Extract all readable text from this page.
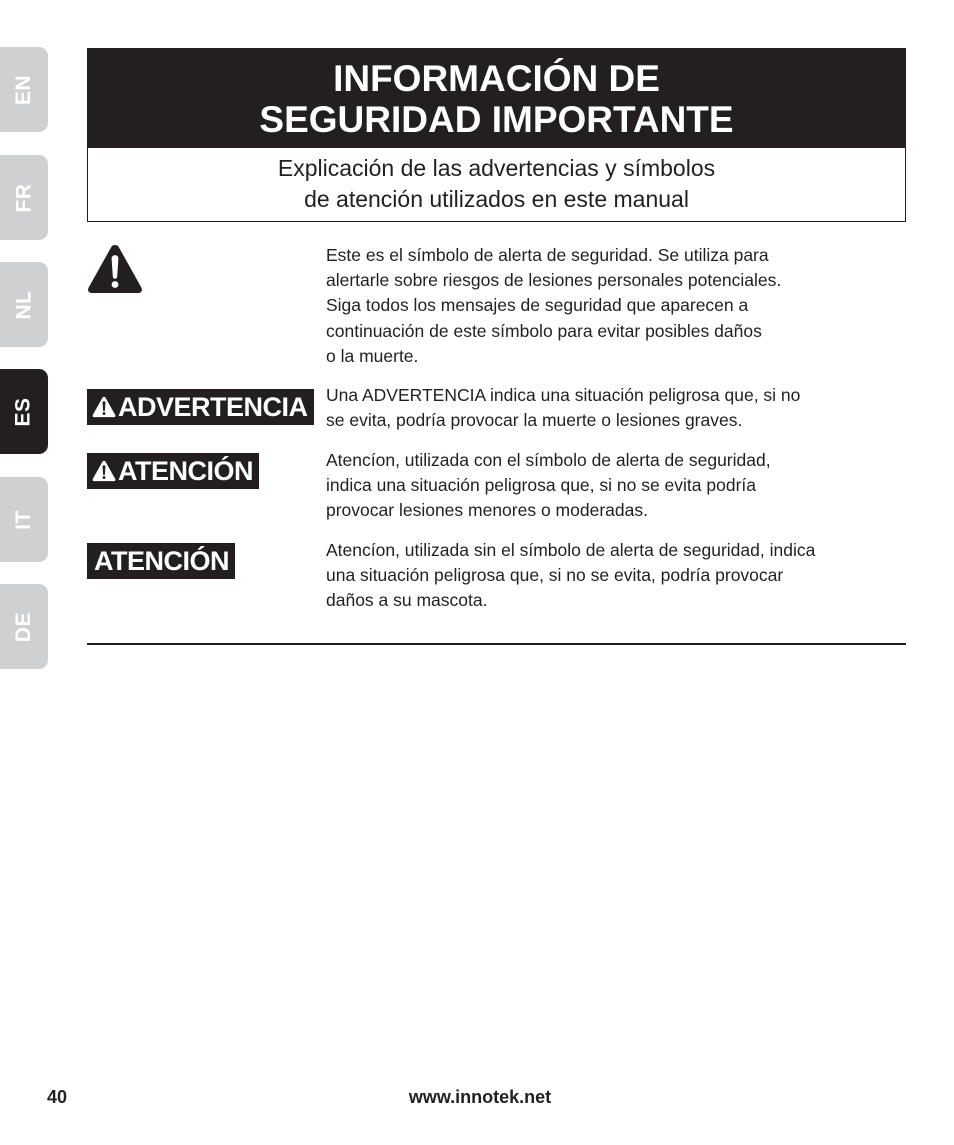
EN
FR
NL
ES
IT
DE
INFORMACIÓN DE
SEGURIDAD IMPORTANTE
Explicación de las advertencias y símbolos
de atención utilizados en este manual
Este es el símbolo de alerta de seguridad. Se utiliza para
alertarle sobre riesgos de lesiones personales potenciales.
Siga todos los mensajes de seguridad que aparecen a
continuación de este símbolo para evitar posibles daños
o la muerte.
ADVERTENCIA Una ADVERTENCIA indica una situación peligrosa que, si no
se evita, podría provocar la muerte o lesiones graves.
ATENCIÓN	Atencíon, utilizada con el símbolo de alerta de seguridad,
indica una situación peligrosa que, si no se evita podría
provocar lesiones menores o moderadas.
ATENCIÓN	Atencíon, utilizada sin el símbolo de alerta de seguridad, indica
una situación peligrosa que, si no se evita, podría provocar
daños a su mascota.
www.innotek.net
40
